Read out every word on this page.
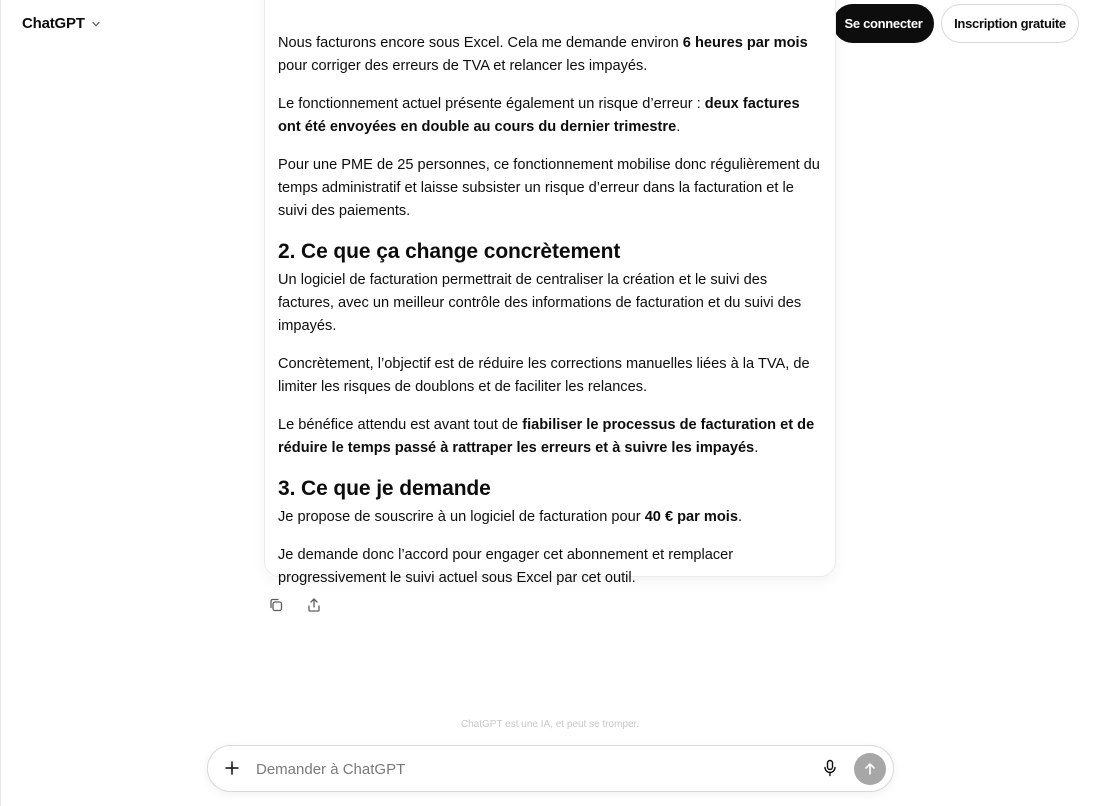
ChatGPT	Se connecter	Inscription gratuite

Nous facturons encore sous Excel. Cela me demande environ 6 heures par mois pour corriger des erreurs de TVA et relancer les impayés.

Le fonctionnement actuel présente également un risque d’erreur : deux factures ont été envoyées en double au cours du dernier trimestre.

Pour une PME de 25 personnes, ce fonctionnement mobilise donc régulièrement du temps administratif et laisse subsister un risque d’erreur dans la facturation et le suivi des paiements.

2. Ce que ça change concrètement

Un logiciel de facturation permettrait de centraliser la création et le suivi des factures, avec un meilleur contrôle des informations de facturation et du suivi des impayés.

Concrètement, l’objectif est de réduire les corrections manuelles liées à la TVA, de limiter les risques de doublons et de faciliter les relances.

Le bénéfice attendu est avant tout de fiabiliser le processus de facturation et de réduire le temps passé à rattraper les erreurs et à suivre les impayés.

3. Ce que je demande

Je propose de souscrire à un logiciel de facturation pour 40 € par mois.

Je demande donc l’accord pour engager cet abonnement et remplacer progressivement le suivi actuel sous Excel par cet outil.

ChatGPT est une IA, et peut se tromper.
Demander à ChatGPT
